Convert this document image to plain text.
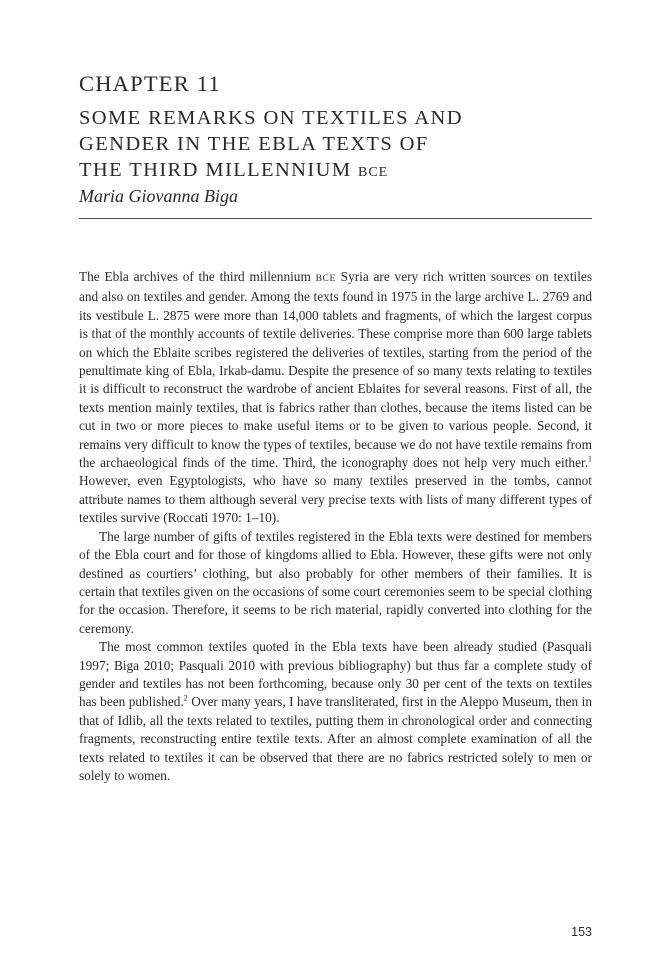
CHAPTER 11
SOME REMARKS ON TEXTILES AND
GENDER IN THE EBLA TEXTS OF
THE THIRD MILLENNIUM BCE
Maria Giovanna Biga

The Ebla archives of the third millennium BCE Syria are very rich written sources on textiles and also on textiles and gender. Among the texts found in 1975 in the large archive L. 2769 and its vestibule L. 2875 were more than 14,000 tablets and fragments, of which the largest corpus is that of the monthly accounts of textile deliveries. These comprise more than 600 large tablets on which the Eblaite scribes registered the deliveries of textiles, starting from the period of the penultimate king of Ebla, Irkab-damu. Despite the presence of so many texts relating to textiles it is difficult to reconstruct the wardrobe of ancient Eblaites for several reasons. First of all, the texts mention mainly textiles, that is fabrics rather than clothes, because the items listed can be cut in two or more pieces to make useful items or to be given to various people. Second, it remains very difficult to know the types of textiles, because we do not have textile remains from the archaeological finds of the time. Third, the iconography does not help very much either.$^1$ However, even Egyptologists, who have so many textiles preserved in the tombs, cannot attribute names to them although several very precise texts with lists of many different types of textiles survive (Roccati 1970: 1–10).

The large number of gifts of textiles registered in the Ebla texts were destined for members of the Ebla court and for those of kingdoms allied to Ebla. However, these gifts were not only destined as courtiers’ clothing, but also probably for other members of their families. It is certain that textiles given on the occasions of some court ceremonies seem to be special clothing for the occasion. Therefore, it seems to be rich material, rapidly converted into clothing for the ceremony.

The most common textiles quoted in the Ebla texts have been already studied (Pasquali 1997; Biga 2010; Pasquali 2010 with previous bibliography) but thus far a complete study of gender and textiles has not been forthcoming, because only 30 per cent of the texts on textiles has been published.$^2$ Over many years, I have transliterated, first in the Aleppo Museum, then in that of Idlib, all the texts related to textiles, putting them in chronological order and connecting fragments, reconstructing entire textile texts. After an almost complete examination of all the texts related to textiles it can be observed that there are no fabrics restricted solely to men or solely to women.

153
